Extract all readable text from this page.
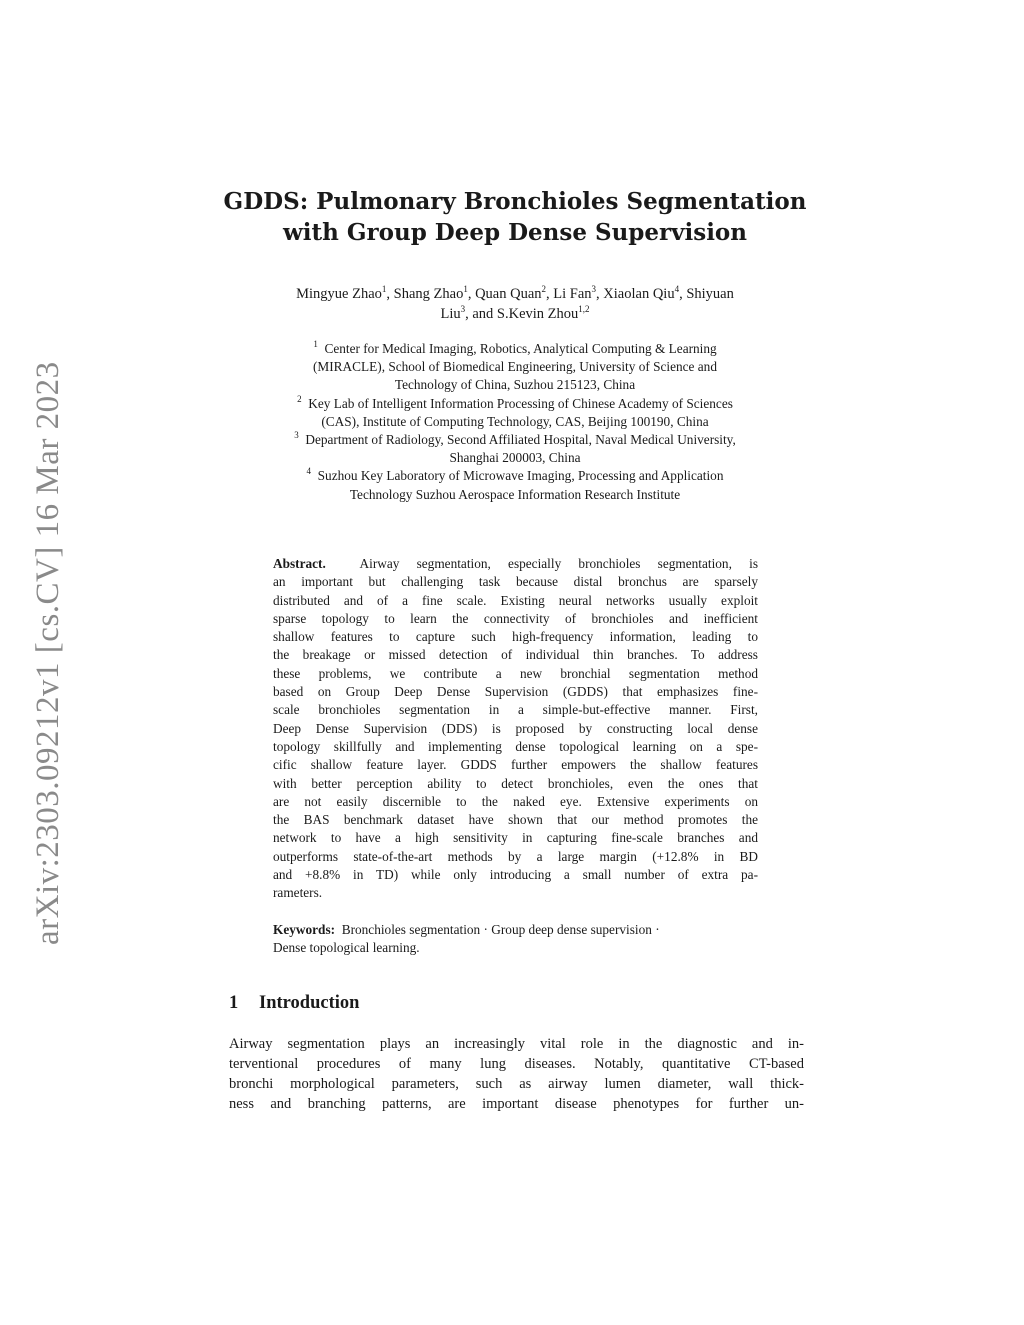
arXiv:2303.09212v1 [cs.CV] 16 Mar 2023
GDDS: Pulmonary Bronchioles Segmentation
with Group Deep Dense Supervision
Mingyue Zhao$^1$, Shang Zhao$^1$, Quan Quan$^2$, Li Fan$^3$, Xiaolan Qiu$^4$, Shiyuan
Liu$^3$, and S.Kevin Zhou$^{1,2}$
$^1$ Center for Medical Imaging, Robotics, Analytical Computing & Learning
(MIRACLE), School of Biomedical Engineering, University of Science and
Technology of China, Suzhou 215123, China
$^2$ Key Lab of Intelligent Information Processing of Chinese Academy of Sciences
(CAS), Institute of Computing Technology, CAS, Beijing 100190, China
$^3$ Department of Radiology, Second Affiliated Hospital, Naval Medical University,
Shanghai 200003, China
$^4$ Suzhou Key Laboratory of Microwave Imaging, Processing and Application
Technology Suzhou Aerospace Information Research Institute
Abstract.	Airway segmentation, especially bronchioles segmentation, is
an important but challenging task because distal bronchus are sparsely
distributed and of a fine scale. Existing neural networks usually exploit
sparse topology to learn the connectivity of bronchioles and inefficient
shallow features to capture such high-frequency information, leading to
the breakage or missed detection of individual thin branches. To address
these problems, we contribute a new bronchial segmentation method
based on Group Deep Dense Supervision (GDDS) that emphasizes fine-
scale bronchioles segmentation in a simple-but-effective manner. First,
Deep Dense Supervision (DDS) is proposed by constructing local dense
topology skillfully and implementing dense topological learning on a spe-
cific shallow feature layer. GDDS further empowers the shallow features
with better perception ability to detect bronchioles, even the ones that
are not easily discernible to the naked eye. Extensive experiments on
the BAS benchmark dataset have shown that our method promotes the
network to have a high sensitivity in capturing fine-scale branches and
outperforms state-of-the-art methods by a large margin (+12.8% in BD
and +8.8% in TD) while only introducing a small number of extra pa-
rameters.
Keywords: Bronchioles segmentation · Group deep dense supervision ·
Dense topological learning.
1 Introduction
Airway segmentation plays an increasingly vital role in the diagnostic and in-
terventional procedures of many lung diseases. Notably, quantitative CT-based
bronchi morphological parameters, such as airway lumen diameter, wall thick-
ness and branching patterns, are important disease phenotypes for further un-
